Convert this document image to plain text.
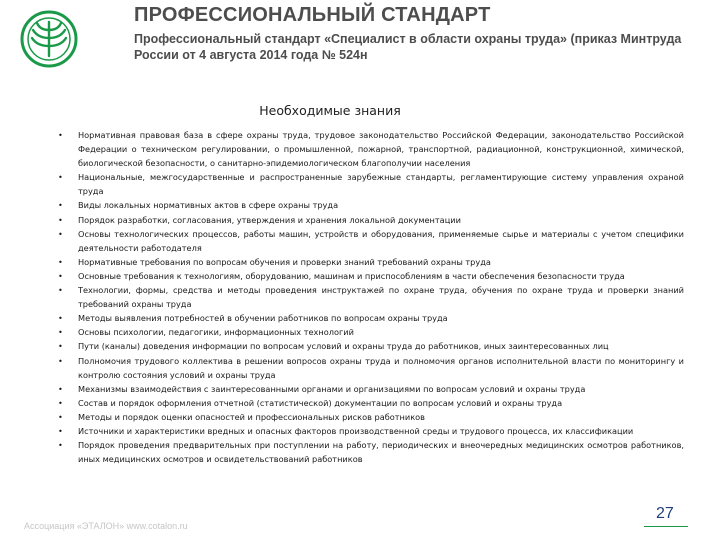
ПРОФЕССИОНАЛЬНЫЙ СТАНДАРТ
Профессиональный стандарт «Специалист в области охраны труда» (приказ Минтруда России от 4 августа 2014 года № 524н
Необходимые знания
• Нормативная правовая база в сфере охраны труда, трудовое законодательство Российской Федерации, законодательство Российской Федерации о техническом регулировании, о промышленной, пожарной, транспортной, радиационной, конструкционной, химической, биологической безопасности, о санитарно-эпидемиологическом благополучии населения
• Национальные, межгосударственные и распространенные зарубежные стандарты, регламентирующие систему управления охраной труда
• Виды локальных нормативных актов в сфере охраны труда
• Порядок разработки, согласования, утверждения и хранения локальной документации
• Основы технологических процессов, работы машин, устройств и оборудования, применяемые сырье и материалы с учетом специфики деятельности работодателя
• Нормативные требования по вопросам обучения и проверки знаний требований охраны труда
• Основные требования к технологиям, оборудованию, машинам и приспособлениям в части обеспечения безопасности труда
• Технологии, формы, средства и методы проведения инструктажей по охране труда, обучения по охране труда и проверки знаний требований охраны труда
• Методы выявления потребностей в обучении работников по вопросам охраны труда
• Основы психологии, педагогики, информационных технологий
• Пути (каналы) доведения информации по вопросам условий и охраны труда до работников, иных заинтересованных лиц
• Полномочия трудового коллектива в решении вопросов охраны труда и полномочия органов исполнительной власти по мониторингу и контролю состояния условий и охраны труда
• Механизмы взаимодействия с заинтересованными органами и организациями по вопросам условий и охраны труда
• Состав и порядок оформления отчетной (статистической) документации по вопросам условий и охраны труда
• Методы и порядок оценки опасностей и профессиональных рисков работников
• Источники и характеристики вредных и опасных факторов производственной среды и трудового процесса, их классификации
• Порядок проведения предварительных при поступлении на работу, периодических и внеочередных медицинских осмотров работников, иных медицинских осмотров и освидетельствований работников
27
Ассоциация «ЭТАЛОН» www.cotalon.ru
